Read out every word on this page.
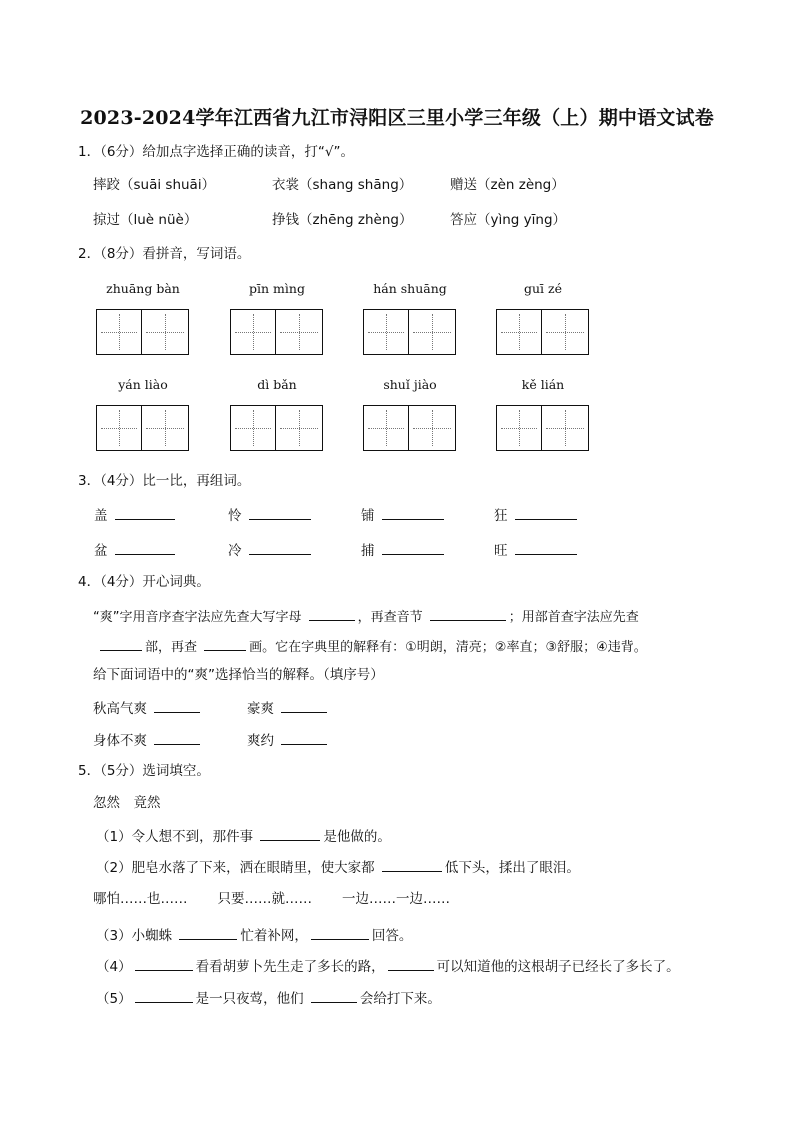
2023-2024学年江西省九江市浔阳区三里小学三年级（上）期中语文试卷
1．（6分）给加点字选择正确的读音，打“√”。
摔跤（suāi shuāi）	衣裳（shang shāng）	赠送（zèn zèng）
掠过（luè nüè）	挣钱（zhēng zhèng）	答应（yìng yīng）
2．（8分）看拼音，写词语。
zhuāng bàn	pīn mìng	hán shuāng	guī zé
yán liào	dì bǎn	shuǐ jiào	kě lián
3．（4分）比一比，再组词。
盖	怜	铺	狂
盆	冷	捕	旺
4．（4分）开心词典。
“爽”字用音序查字法应先查大写字母	，再查音节	；用部首查字法应先查
部，再查	画。它在字典里的解释有：①明朗，清亮；②率直；③舒服；④违背。
给下面词语中的“爽”选择恰当的解释。（填序号）
秋高气爽	豪爽
身体不爽	爽约
5．（5分）选词填空。
忽然　竟然
（1）令人想不到，那件事	是他做的。
（2）肥皂水落了下来，洒在眼睛里，使大家都	低下头，揉出了眼泪。
哪怕……也…… 只要……就…… 一边……一边……
（3）小蜘蛛	忙着补网，	回答。
（4）	看看胡萝卜先生走了多长的路，	可以知道他的这根胡子已经长了多长了。
（5）	是一只夜莺，他们	会给打下来。
